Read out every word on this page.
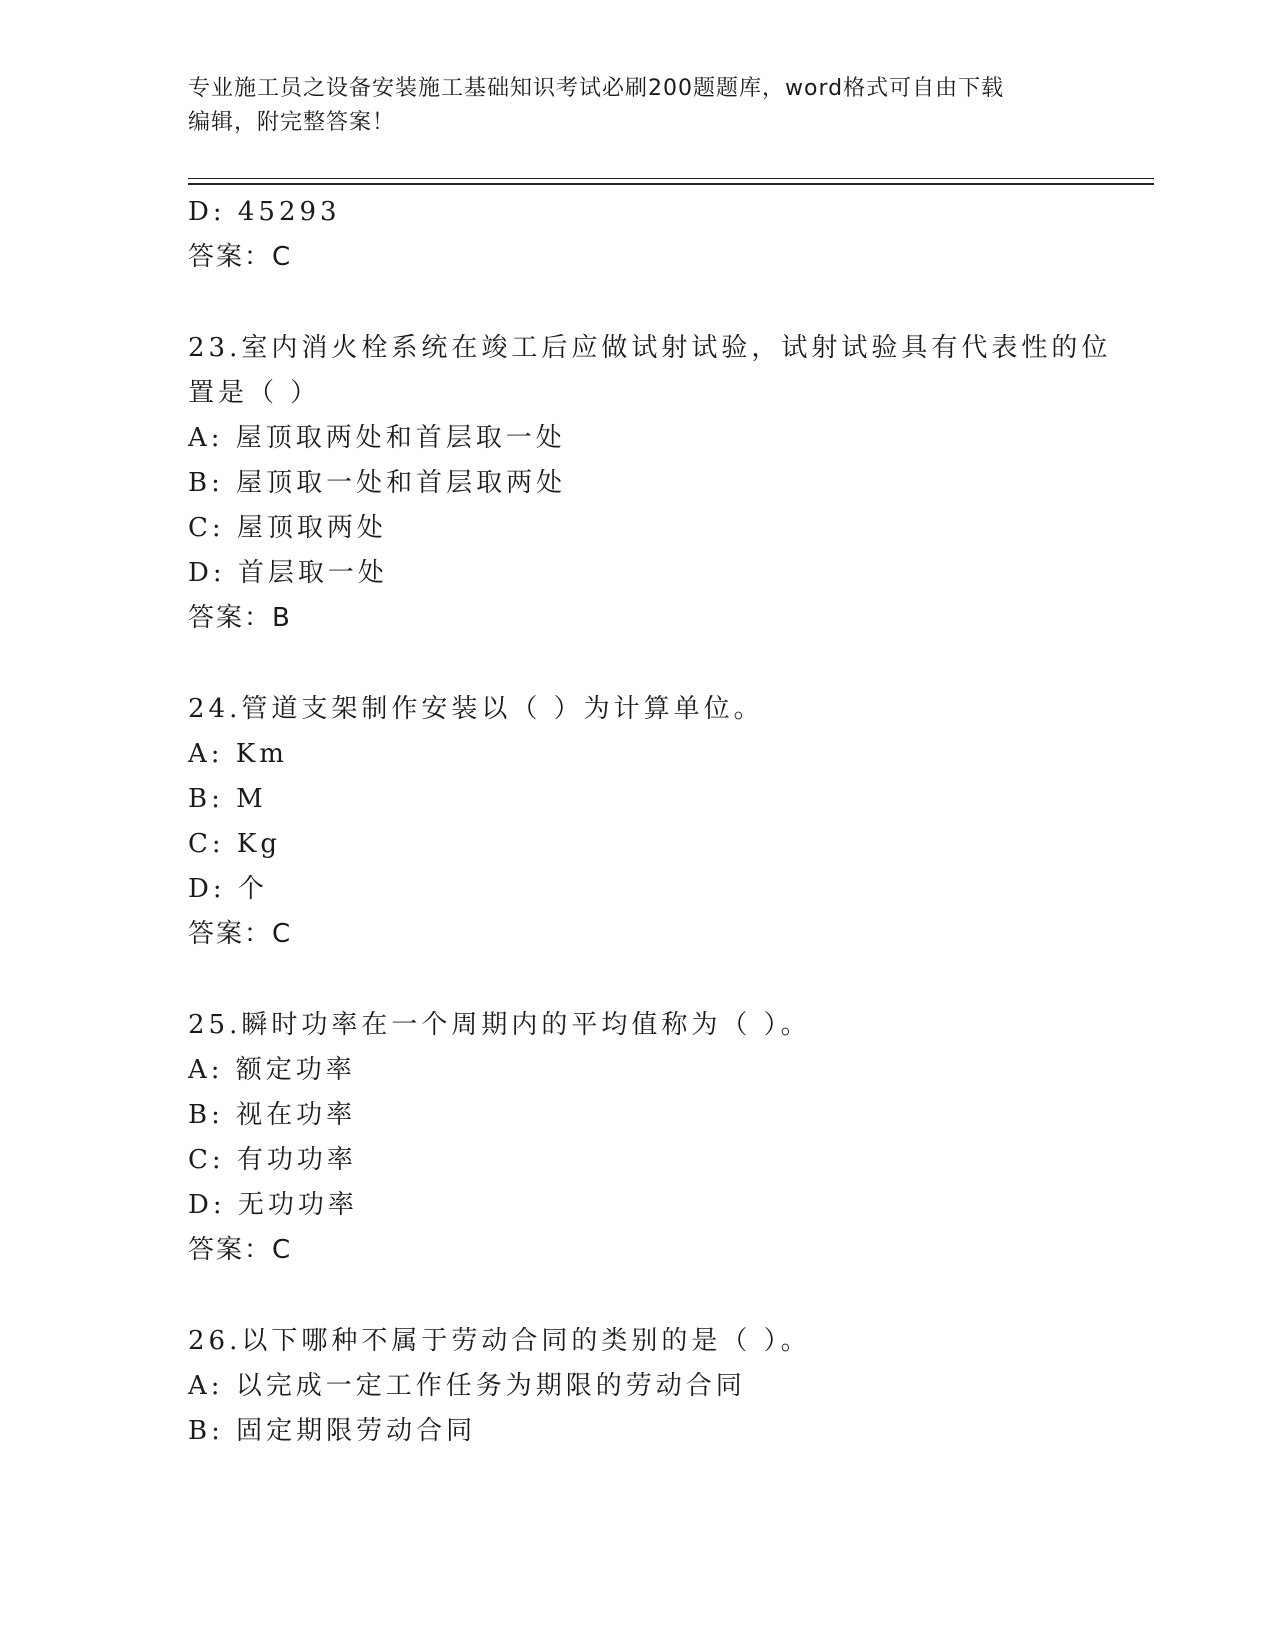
专业施工员之设备安装施工基础知识考试必刷200题题库，word格式可自由下载
编辑，附完整答案！
D: 45293
答案：C
23.室内消火栓系统在竣工后应做试射试验，试射试验具有代表性的位
置是（ ）
A: 屋顶取两处和首层取一处
B: 屋顶取一处和首层取两处
C: 屋顶取两处
D: 首层取一处
答案：B
24.管道支架制作安装以（ ）为计算单位。
A: Km
B: M
C: Kg
D: 个
答案：C
25.瞬时功率在一个周期内的平均值称为（ ）。
A: 额定功率
B: 视在功率
C: 有功功率
D: 无功功率
答案：C
26.以下哪种不属于劳动合同的类别的是（ ）。
A: 以完成一定工作任务为期限的劳动合同
B: 固定期限劳动合同
